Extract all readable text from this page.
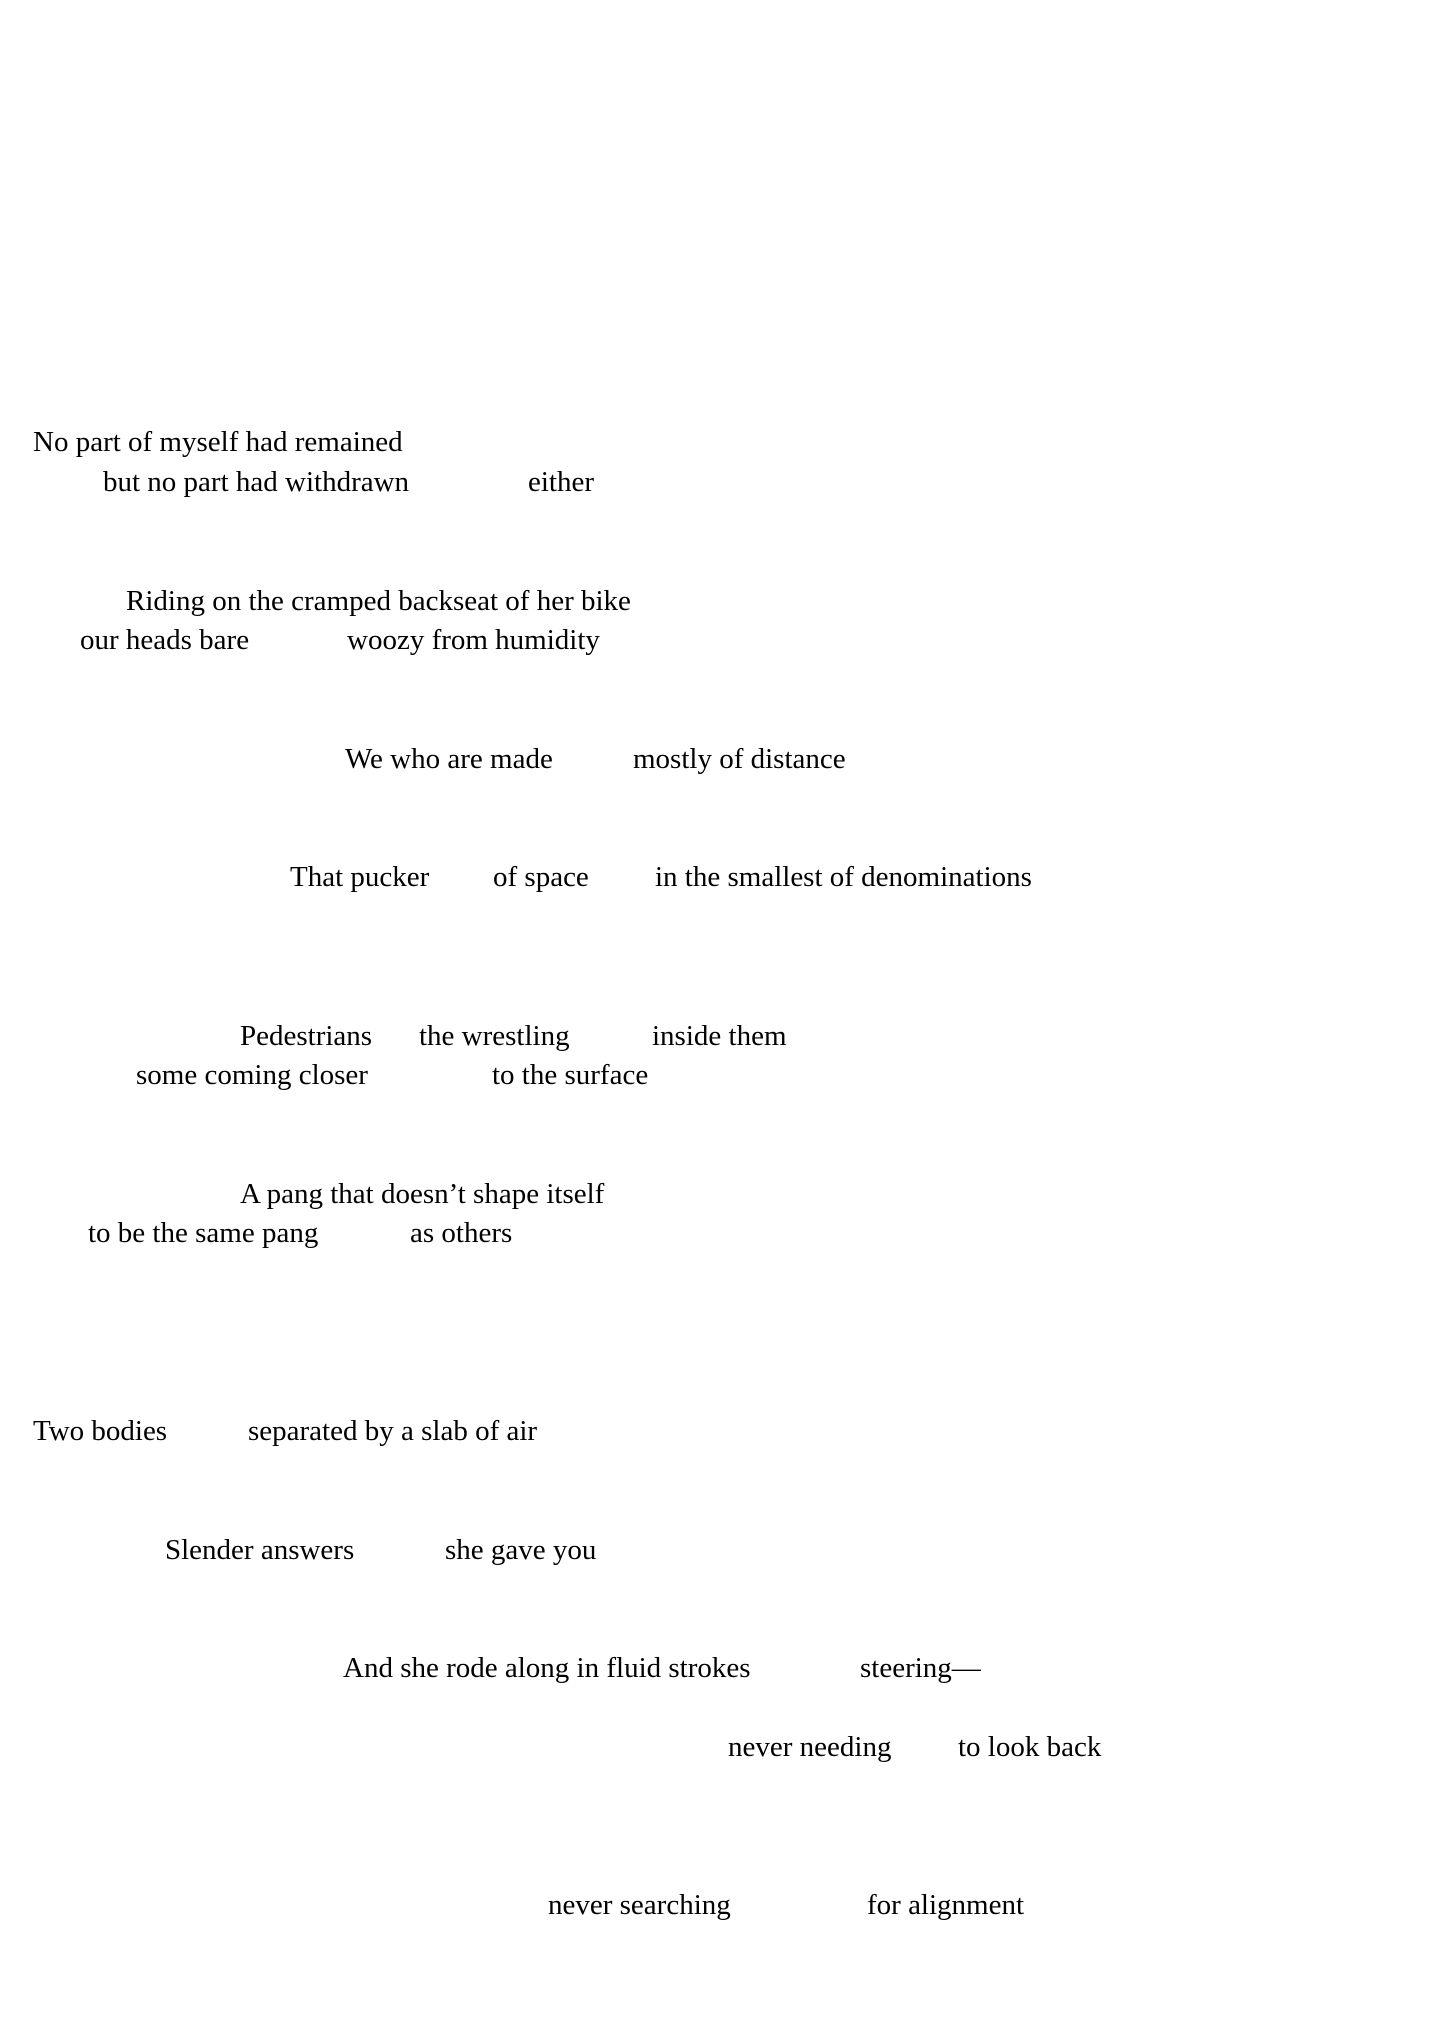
No part of myself had remained
but no part had withdrawn	either
Riding on the cramped backseat of her bike
our heads bare	woozy from humidity
We who are made	mostly of distance
That pucker of space in the smallest of denominations
Pedestrians the wrestling	inside them
some coming closer	to the surface
A pang that doesn’t shape itself
to be the same pang	as others
Two bodies	separated by a slab of air
Slender answers	she gave you
And she rode along in fluid strokes	steering—
never needing to look back
never searching	for alignment
